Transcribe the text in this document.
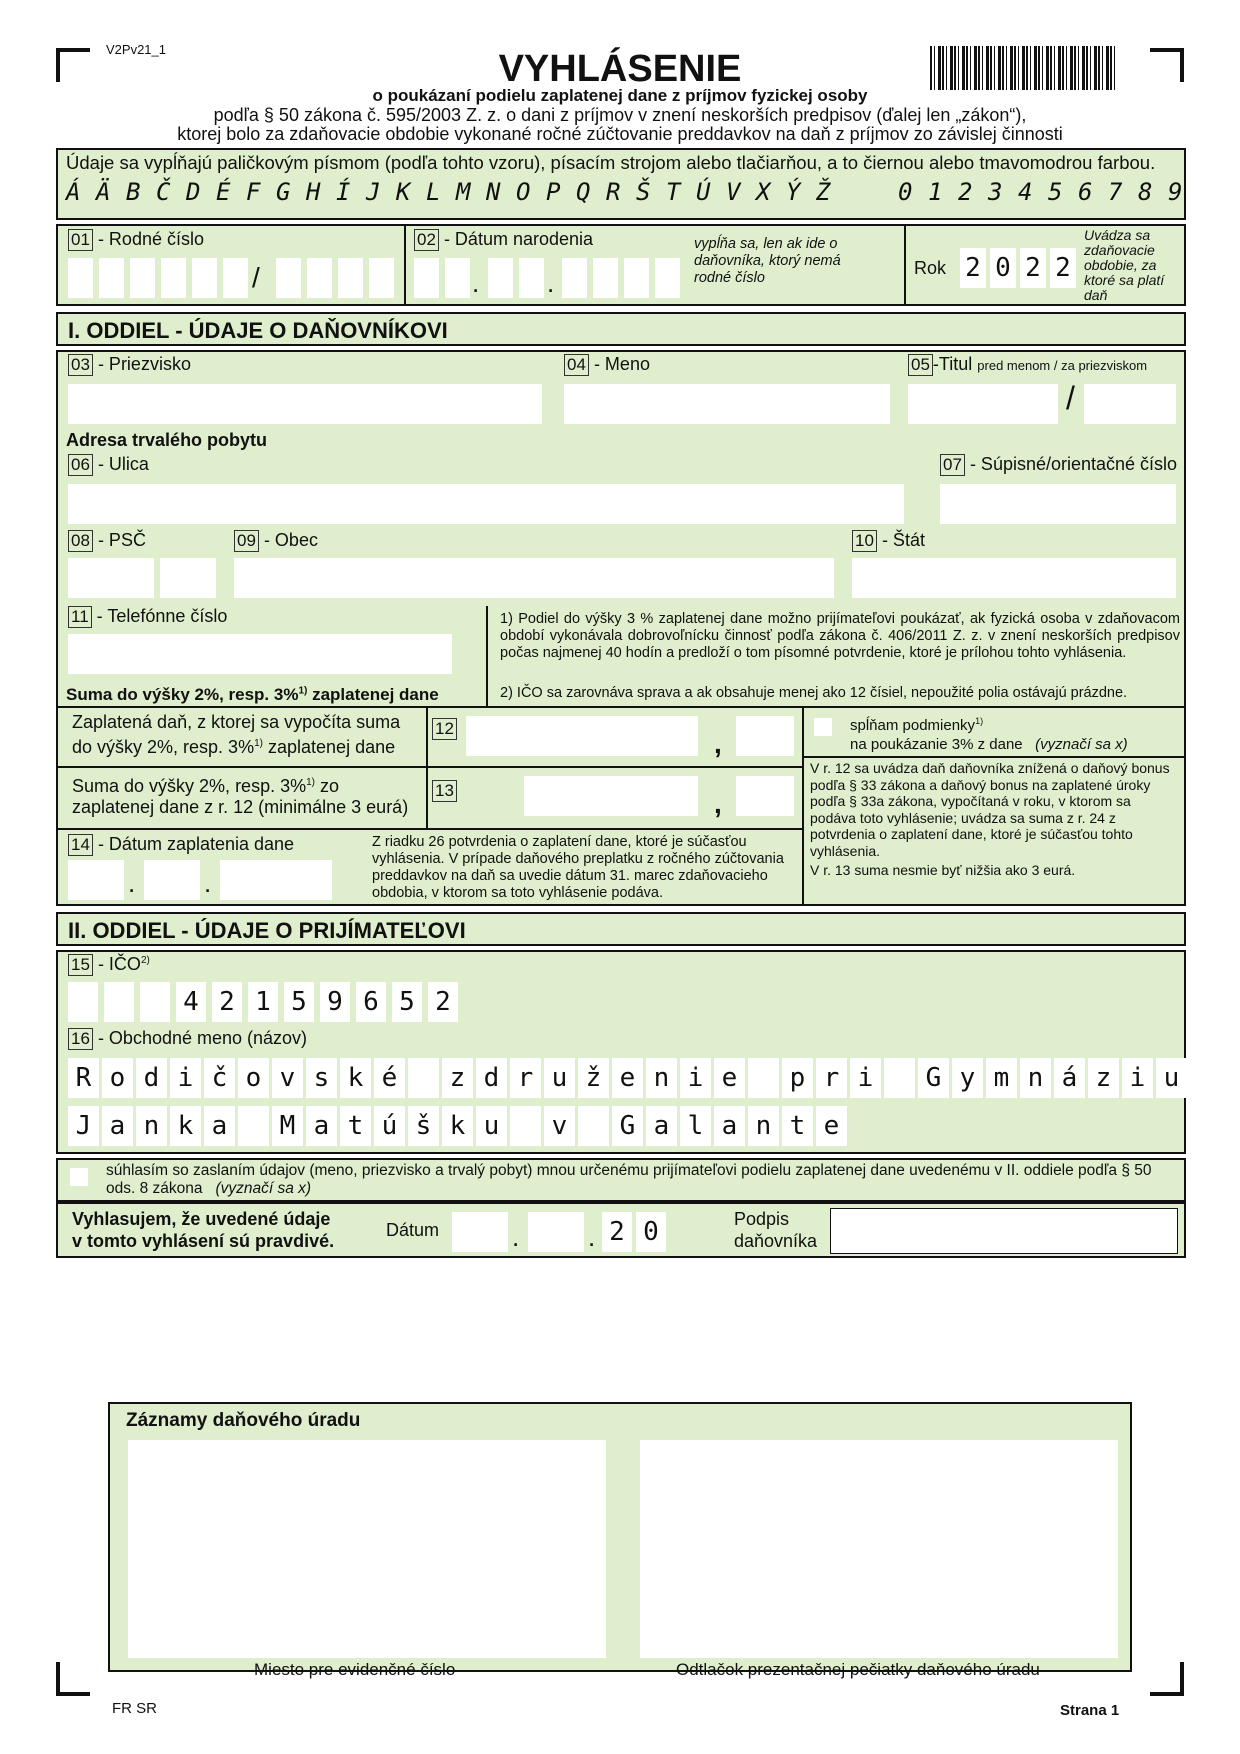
V2Pv21_1	VYHLÁSENIE
o poukázaní podielu zaplatenej dane z príjmov fyzickej osoby
podľa § 50 zákona č. 595/2003 Z. z. o dani z príjmov v znení neskorších predpisov (ďalej len „zákon“),
ktorej bolo za zdaňovacie obdobie vykonané ročné zúčtovanie preddavkov na daň z príjmov zo závislej činnosti
Údaje sa vypĺňajú paličkovým písmom (podľa tohto vzoru), písacím strojom alebo tlačiarňou, a to čiernou alebo tmavomodrou farbou.
Á Ä B Č D É F G H Í J K L M N O P Q R Š T Ú V X Ý Ž	0 1 2 3 4 5 6 7 8 9
01 - Rodné číslo
/
02 - Dátum narodenia
.	.
vypĺňa sa, len ak ide o daňovníka, ktorý nemá rodné číslo	Rok 2 0 2 2
Uvádza sa zdaňovacie obdobie, za ktoré sa platí daň
I. ODDIEL - ÚDAJE O DAŇOVNÍKOVI
03 - Priezvisko	04 - Meno	05 -Titul pred menom / za priezviskom
/
Adresa trvalého pobytu
06 - Ulica	07 - Súpisné/orientačné číslo
08 - PSČ	09 - Obec	10 - Štát
11 - Telefónne číslo	1) Podiel do výšky 3 % zaplatenej dane možno prijímateľovi poukázať, ak fyzická osoba v zdaňovacom období vykonávala dobrovoľnícku činnosť podľa zákona č. 406/2011 Z. z. v znení neskorších predpisov počas najmenej 40 hodín a predloží o tom písomné potvrdenie, ktoré je prílohou tohto vyhlásenia.
2) IČO sa zarovnáva sprava a ak obsahuje menej ako 12 čísiel, nepoužité polia ostávajú prázdne.
Suma do výšky 2%, resp. 3%$^{1)}$ zaplatenej dane
Zaplatená daň, z ktorej sa vypočíta suma
do výšky 2%, resp. 3%$^{1)}$ zaplatenej dane
12	,
spĺňam podmienky$^{1)}$
na poukázanie 3% z dane (vyznačí sa x)
V r. 12 sa uvádza daň daňovníka znížená o daňový bonus podľa § 33 zákona a daňový bonus na zaplatené úroky podľa § 33a zákona, vypočítaná v roku, v ktorom sa podáva toto vyhlásenie; uvádza sa suma z r. 24 z potvrdenia o zaplatení dane, ktoré je súčasťou tohto vyhlásenia.
V r. 13 suma nesmie byť nižšia ako 3 eurá.
Suma do výšky 2%, resp. 3%$^{1)}$ zo
zaplatenej dane z r. 12 (minimálne 3 eurá)
13	,
14 - Dátum zaplatenia dane
.	.
Z riadku 26 potvrdenia o zaplatení dane, ktoré je súčasťou vyhlásenia. V prípade daňového preplatku z ročného zúčtovania preddavkov na daň sa uvedie dátum 31. marec zdaňovacieho obdobia, v ktorom sa toto vyhlásenie podáva.
II. ODDIEL - ÚDAJE O PRIJÍMATEĽOVI
15 - IČO$^{2)}$
4 2 1 5 9 6 5 2
16 - Obchodné meno (názov)
R o d i č o v s k é z d r u ž e n i e p r i G y m n á z i u
J a n k a M a t ú š k u v G a l a n t e
súhlasím so zaslaním údajov (meno, priezvisko a trvalý pobyt) mnou určenému prijímateľovi podielu zaplatenej dane uvedenému v II. oddiele podľa § 50 ods. 8 zákona (vyznačí sa x)
Vyhlasujem, že uvedené údaje
v tomto vyhlásení sú pravdivé.
Dátum	.	. 2 0	Podpis
daňovníka
Záznamy daňového úradu
Miesto pre evidenčné číslo	Odtlačok prezentačnej pečiatky daňového úradu
FR SR	Strana 1
